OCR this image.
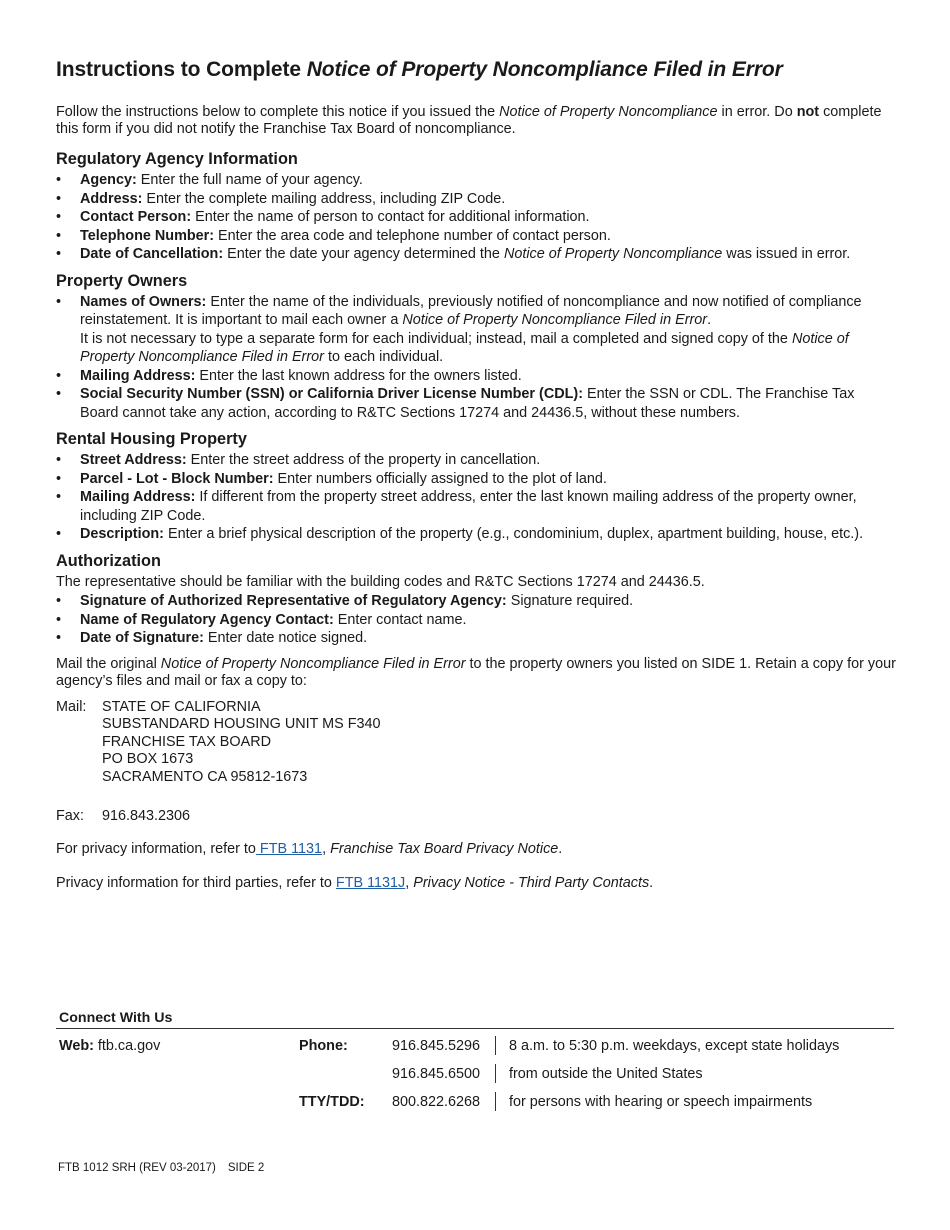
Instructions to Complete Notice of Property Noncompliance Filed in Error

Follow the instructions below to complete this notice if you issued the Notice of Property Noncompliance in error. Do not complete this form if you did not notify the Franchise Tax Board of noncompliance.

Regulatory Agency Information
• Agency: Enter the full name of your agency.
• Address: Enter the complete mailing address, including ZIP Code.
• Contact Person: Enter the name of person to contact for additional information.
• Telephone Number: Enter the area code and telephone number of contact person.
• Date of Cancellation: Enter the date your agency determined the Notice of Property Noncompliance was issued in error.
Property Owners
• Names of Owners: Enter the name of the individuals, previously notified of noncompliance and now notified of compliance reinstatement. It is important to mail each owner a Notice of Property Noncompliance Filed in Error.
It is not necessary to type a separate form for each individual; instead, mail a completed and signed copy of the Notice of Property Noncompliance Filed in Error to each individual.
• Mailing Address: Enter the last known address for the owners listed.
• Social Security Number (SSN) or California Driver License Number (CDL): Enter the SSN or CDL. The Franchise Tax Board cannot take any action, according to R&TC Sections 17274 and 24436.5, without these numbers.
Rental Housing Property
• Street Address: Enter the street address of the property in cancellation.
• Parcel - Lot - Block Number: Enter numbers officially assigned to the plot of land.
• Mailing Address: If different from the property street address, enter the last known mailing address of the property owner, including ZIP Code.
• Description: Enter a brief physical description of the property (e.g., condominium, duplex, apartment building, house, etc.).
Authorization

The representative should be familiar with the building codes and R&TC Sections 17274 and 24436.5.

• Signature of Authorized Representative of Regulatory Agency: Signature required.
• Name of Regulatory Agency Contact: Enter contact name.
• Date of Signature: Enter date notice signed.

Mail the original Notice of Property Noncompliance Filed in Error to the property owners you listed on SIDE 1. Retain a copy for your agency’s files and mail or fax a copy to:

Mail:	STATE OF CALIFORNIA
SUBSTANDARD HOUSING UNIT MS F340
FRANCHISE TAX BOARD
PO BOX 1673
SACRAMENTO CA 95812-1673
Fax:	916.843.2306

For privacy information, refer to FTB 1131, Franchise Tax Board Privacy Notice.

Privacy information for third parties, refer to FTB 1131J, Privacy Notice - Third Party Contacts.

Connect With Us
Web: ftb.ca.gov	Phone:	916.845.5296 8 a.m. to 5:30 p.m. weekdays, except state holidays
916.845.6500 from outside the United States
TTY/TDD: 800.822.6268 for persons with hearing or speech impairments
FTB 1012 SRH (REV 03-2017) SIDE 2
